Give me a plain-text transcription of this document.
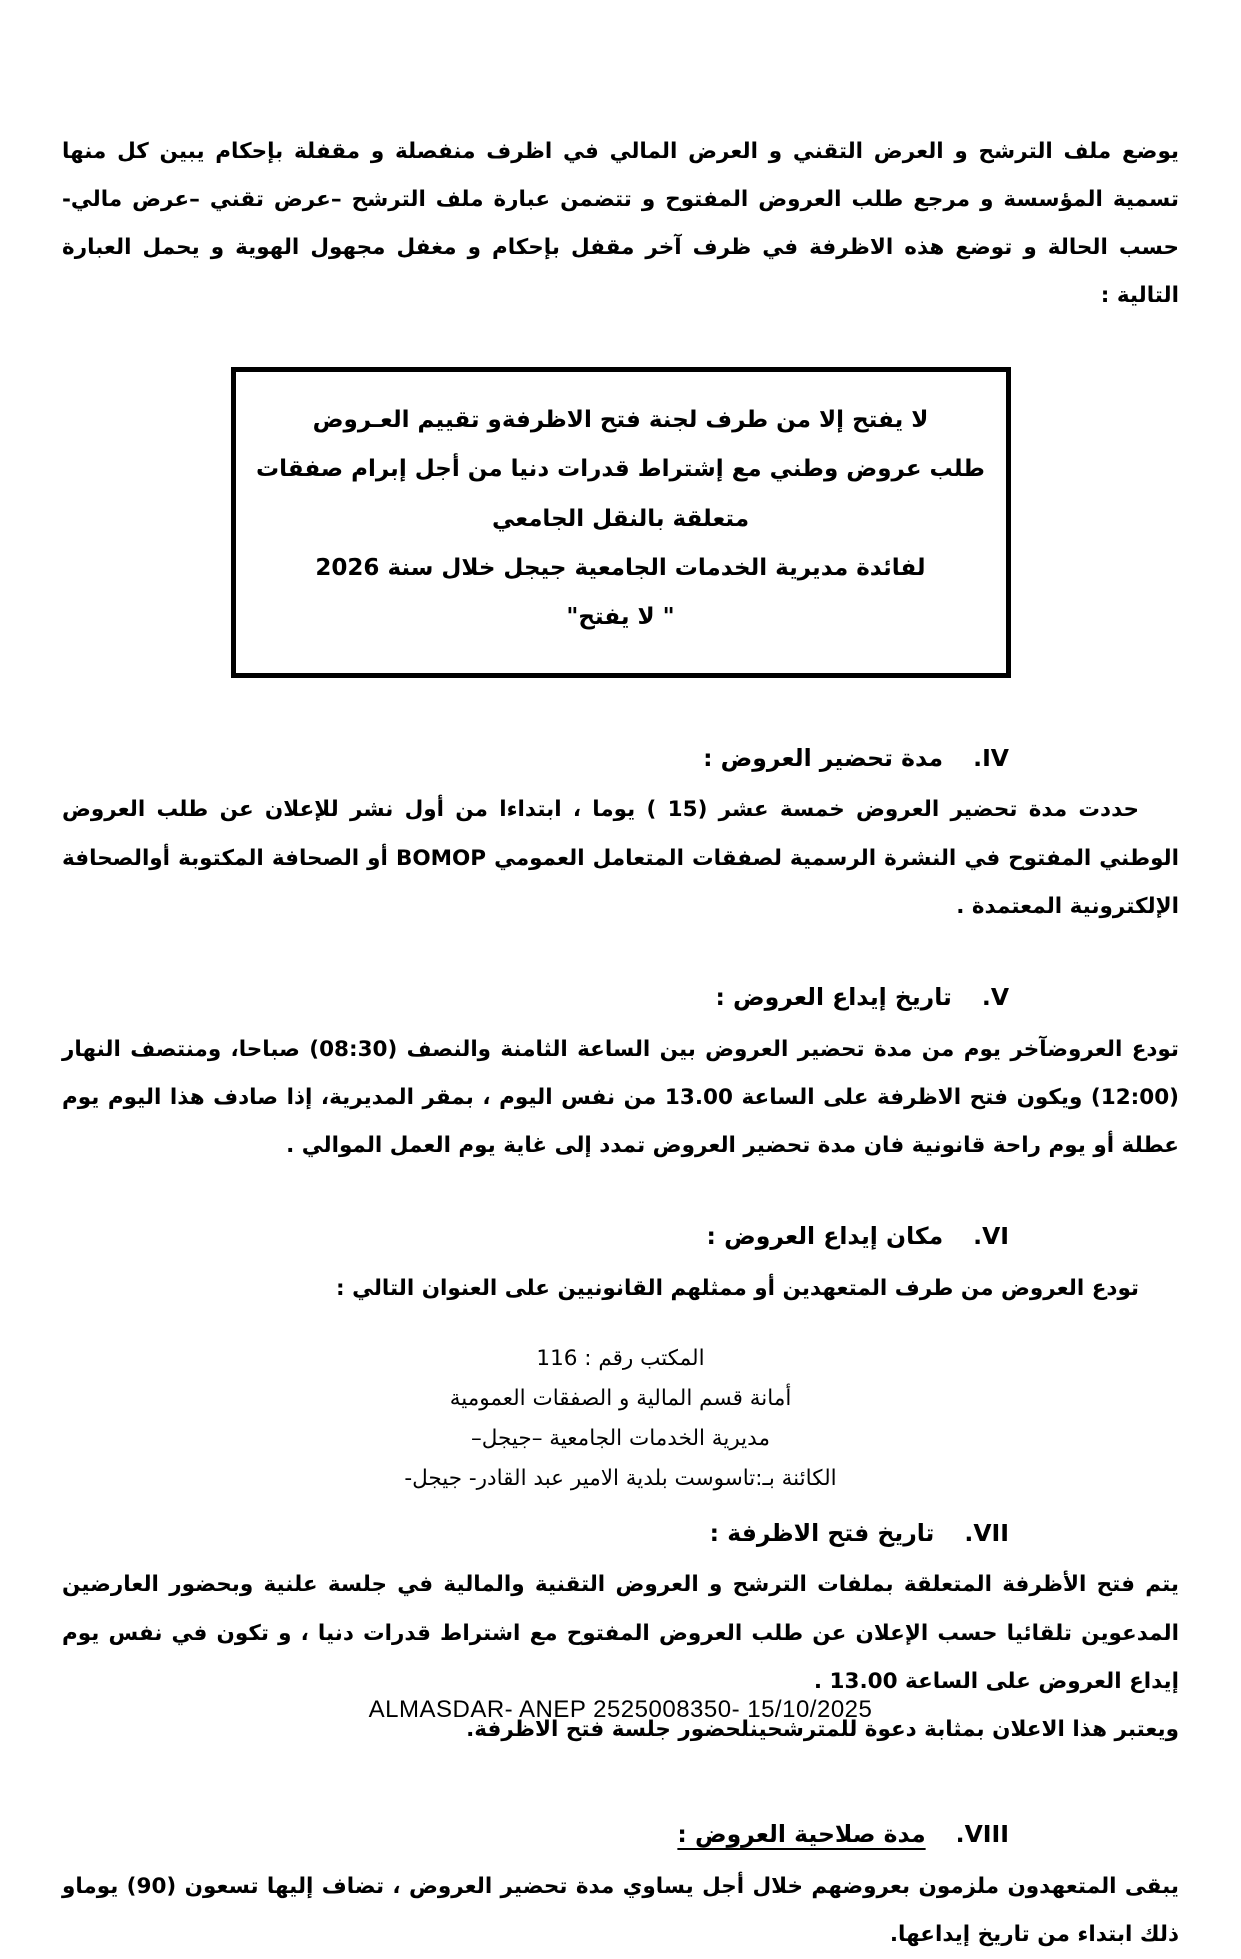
يوضع ملف الترشح و العرض التقني و العرض المالي في اظرف منفصلة و مقفلة بإحكام يبين كل منها تسمية المؤسسة و مرجع طلب العروض المفتوح و تتضمن عبارة ملف الترشح –عرض تقني –عرض مالي-حسب الحالة و توضع هذه الاظرفة في ظرف آخر مقفل بإحكام و مغفل مجهول الهوية و يحمل العبارة التالية :

لا يفتح إلا من طرف لجنة فتح الاظرفةو تقييم العـروض

طلب عروض وطني مع إشتراط قدرات دنيا من أجل إبرام صفقات متعلقة بالنقل الجامعي

لفائدة مديرية الخدمات الجامعية جيجل خلال سنة 2026

" لا يفتح"

IV.مدة تحضير العروض :

حددت مدة تحضير العروض خمسة عشر (15 ) يوما ، ابتداءا من أول نشر للإعلان عن طلب العروض الوطني المفتوح في النشرة الرسمية لصفقات المتعامل العمومي BOMOP أو الصحافة المكتوبة أوالصحافة الإلكترونية المعتمدة .

V.تاريخ إيداع العروض :

تودع العروضآخر يوم من مدة تحضير العروض بين الساعة الثامنة والنصف (08:30) صباحا، ومنتصف النهار (12:00) ويكون فتح الاظرفة على الساعة 13.00 من نفس اليوم ، بمقر المديرية، إذا صادف هذا اليوم يوم عطلة أو يوم راحة قانونية فان مدة تحضير العروض تمدد إلى غاية يوم العمل الموالي .

VI.مكان إيداع العروض :

تودع العروض من طرف المتعهدين أو ممثلهم القانونيين على العنوان التالي :

المكتب رقم : 116

أمانة قسم المالية و الصفقات العمومية

مديرية الخدمات الجامعية –جيجل–

الكائنة بـ:تاسوست بلدية الامير عبد القادر- جيجل-

VII.تاريخ فتح الاظرفة :

يتم فتح الأظرفة المتعلقة بملفات الترشح و العروض التقنية والمالية في جلسة علنية وبحضور العارضين المدعوين تلقائيا حسب الإعلان عن طلب العروض المفتوح مع اشتراط قدرات دنيا ، و تكون في نفس يوم إيداع العروض على الساعة 13.00 .

ويعتبر هذا الاعلان بمثابة دعوة للمترشحينلحضور جلسة فتح الاظرفة.

VIII.مدة صلاحية العروض :

يبقى المتعهدون ملزمون بعروضهم خلال أجل يساوي مدة تحضير العروض ، تضاف إليها تسعون (90) يوماو ذلك ابتداء من تاريخ إيداعها.

ALMASDAR- ANEP 2525008350- 15/10/2025
